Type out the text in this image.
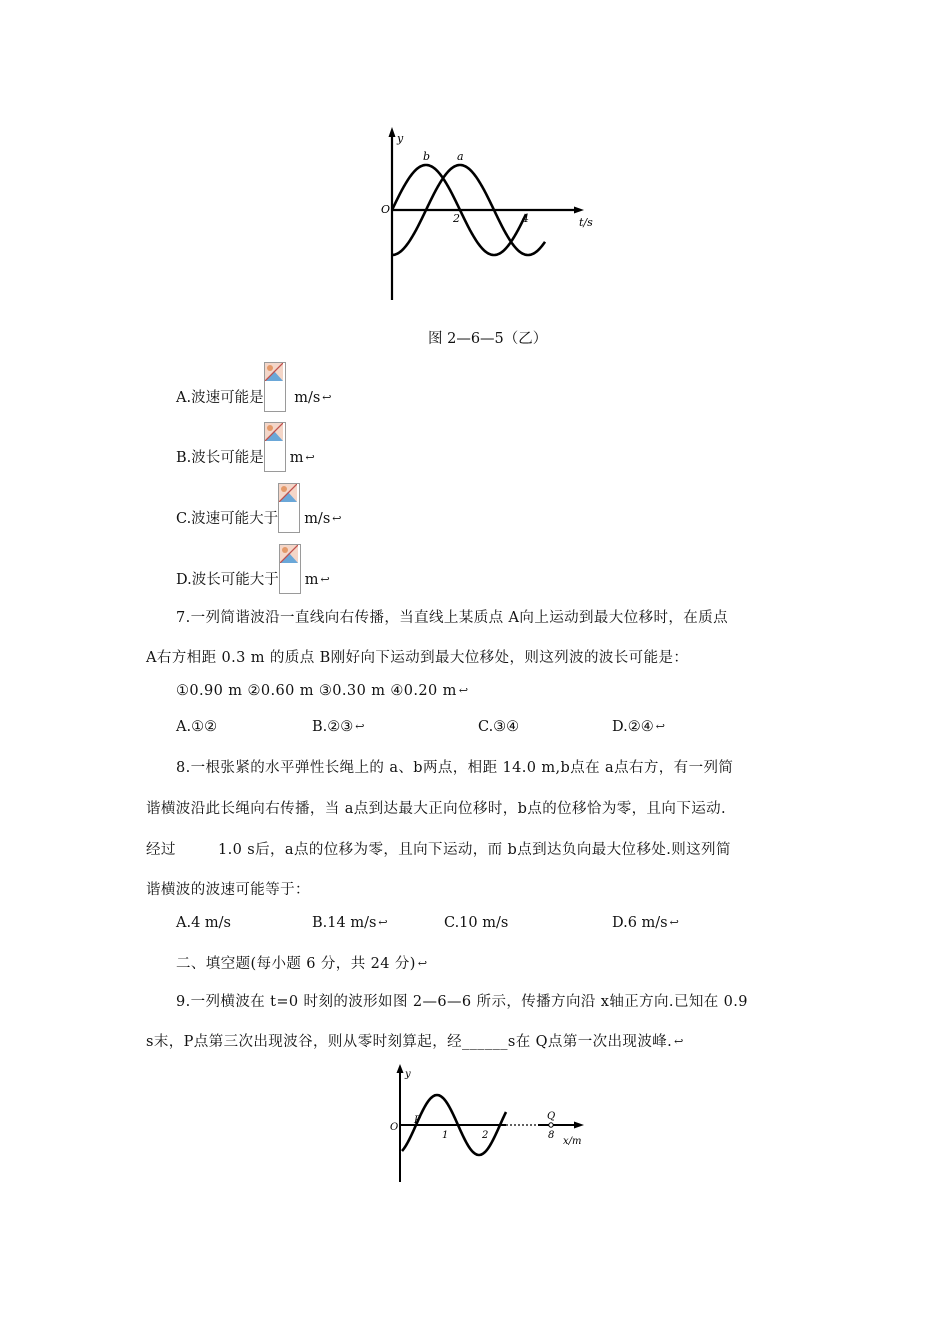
y
O
b a
2	4	t/s
图 2—6—5（乙）
A.波速可能是
m/s ↩
B.波长可能是 m ↩
C.波速可能大于 m/s ↩
D.波长可能大于 m ↩
7.一列简谐波沿一直线向右传播，当直线上某质点 A向上运动到最大位移时，在质点
A右方相距 0.3 m 的质点 B刚好向下运动到最大位移处，则这列波的波长可能是：
①0.90 m ②0.60 m ③0.30 m ④0.20 m ↩
A.①②	B.②③ ↩	C.③④	D.②④ ↩
8.一根张紧的水平弹性长绳上的 a、b两点，相距 14.0 m,b点在 a点右方，有一列简
谐横波沿此长绳向右传播，当 a点到达最大正向位移时，b点的位移恰为零，且向下运动.
经过	1.0 s后，a点的位移为零，且向下运动，而 b点到达负向最大位移处.则这列简
谐横波的波速可能等于：
A.4 m/s	B.14 m/s ↩	C.10 m/s	D.6 m/s ↩
二、填空题(每小题 6 分，共 24 分) ↩
9.一列横波在 t=0 时刻的波形如图 2—6—6 所示，传播方向沿 x轴正方向.已知在 0.9
s末，P点第三次出现波谷，则从零时刻算起，经______s在 Q点第一次出现波峰. ↩
y
O
P	Q
1	2	8
x/m
